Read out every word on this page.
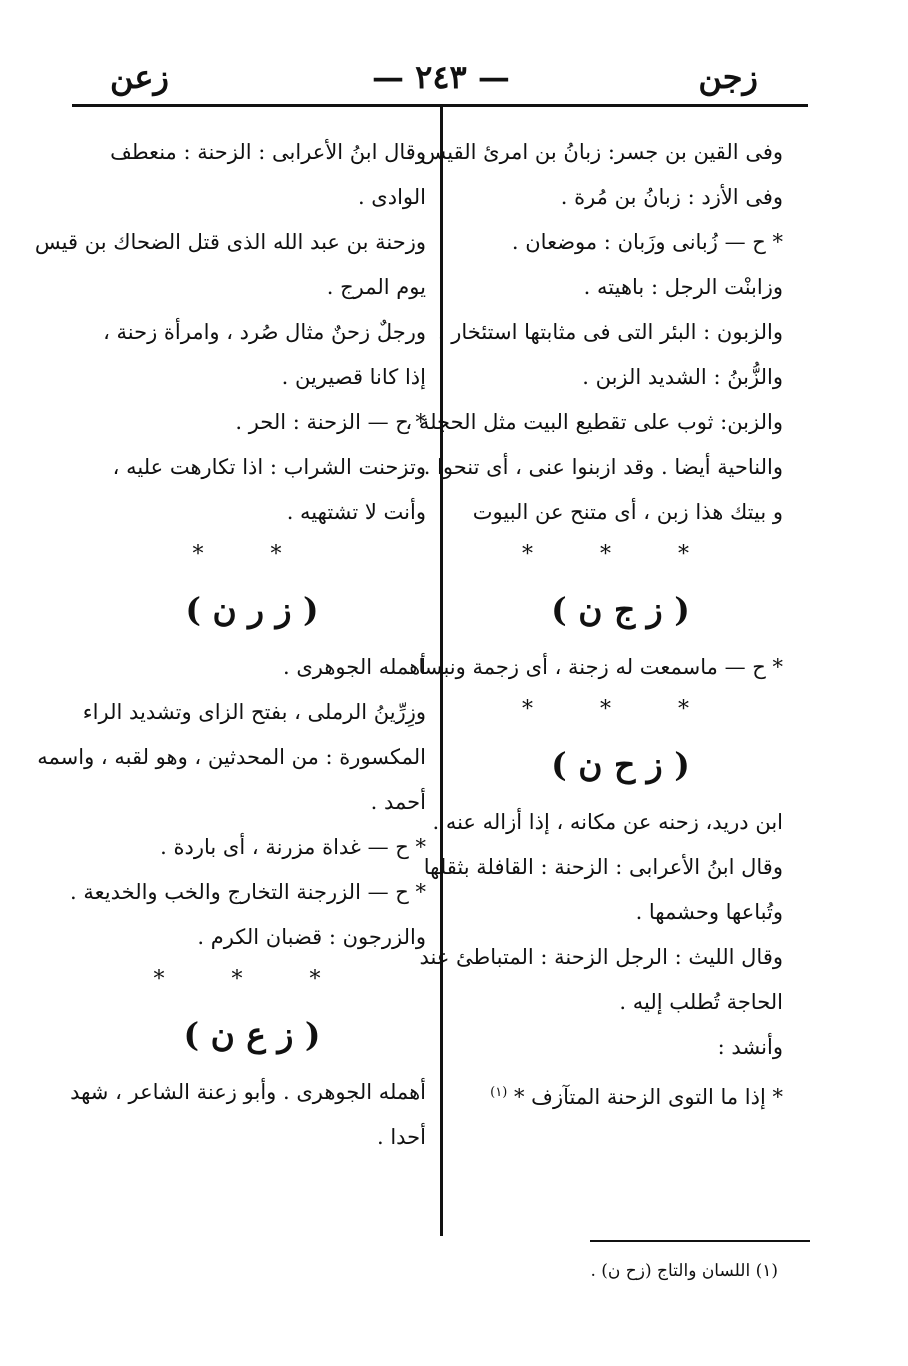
زجن
— ٢٤٣ —
زعن
وفى القين بن جسر: زبانُ بن امرئ القيس .
وفى الأزد : زبانُ بن مُرة .
* ح — زُبانى وزَبان : موضعان .
وزابنْت الرجل : باهيته .
والزبون : البئر التى فى مثابتها استئخار .
والزُّبنُ : الشديد الزبن .
والزبن: ثوب على تقطيع البيت مثل الحجلة ،
والناحية أيضا . وقد ازبنوا عنى ، أى تنحوا .
و بيتك هذا زبن ، أى متنح عن البيوت
* * *
( ز ج ن )
* ح — ماسمعت له زجنة ، أى زجمة ونبسا .
* * *
( ز ح ن )
ابن دريد، زحنه عن مكانه ، إذا أزاله عنه .
وقال ابنُ الأعرابى : الزحنة : القافلة بثقلها
وتُباعها وحشمها .
وقال الليث : الرجل الزحنة : المتباطئ عند
الحاجة تُطلب إليه .
وأنشد :
* إذا ما التوى الزحنة المتآزف * $^{(١)}$
وقال ابنُ الأعرابى : الزحنة : منعطف
الوادى .
وزحنة بن عبد الله الذى قتل الضحاك بن قيس
يوم المرج .
ورجلٌ زحنٌ مثال صُرد ، وامرأة زحنة ،
إذا كانا قصيرين .
* ح — الزحنة : الحر .
وتزحنت الشراب : اذا تكارهت عليه ،
وأنت لا تشتهيه .
* *
( ز ر ن )
أهمله الجوهرى .
وزِرِّينُ الرملى ، بفتح الزاى وتشديد الراء
المكسورة : من المحدثين ، وهو لقبه ، واسمه
أحمد .
* ح — غداة مزرنة ، أى باردة .
* ح — الزرجنة التخارج والخب والخديعة .
والزرجون : قضبان الكرم .
* * *
( ز ع ن )
أهمله الجوهرى . وأبو زعنة الشاعر ، شهد
أحدا .
(١) اللسان والتاج (زح ن) .
